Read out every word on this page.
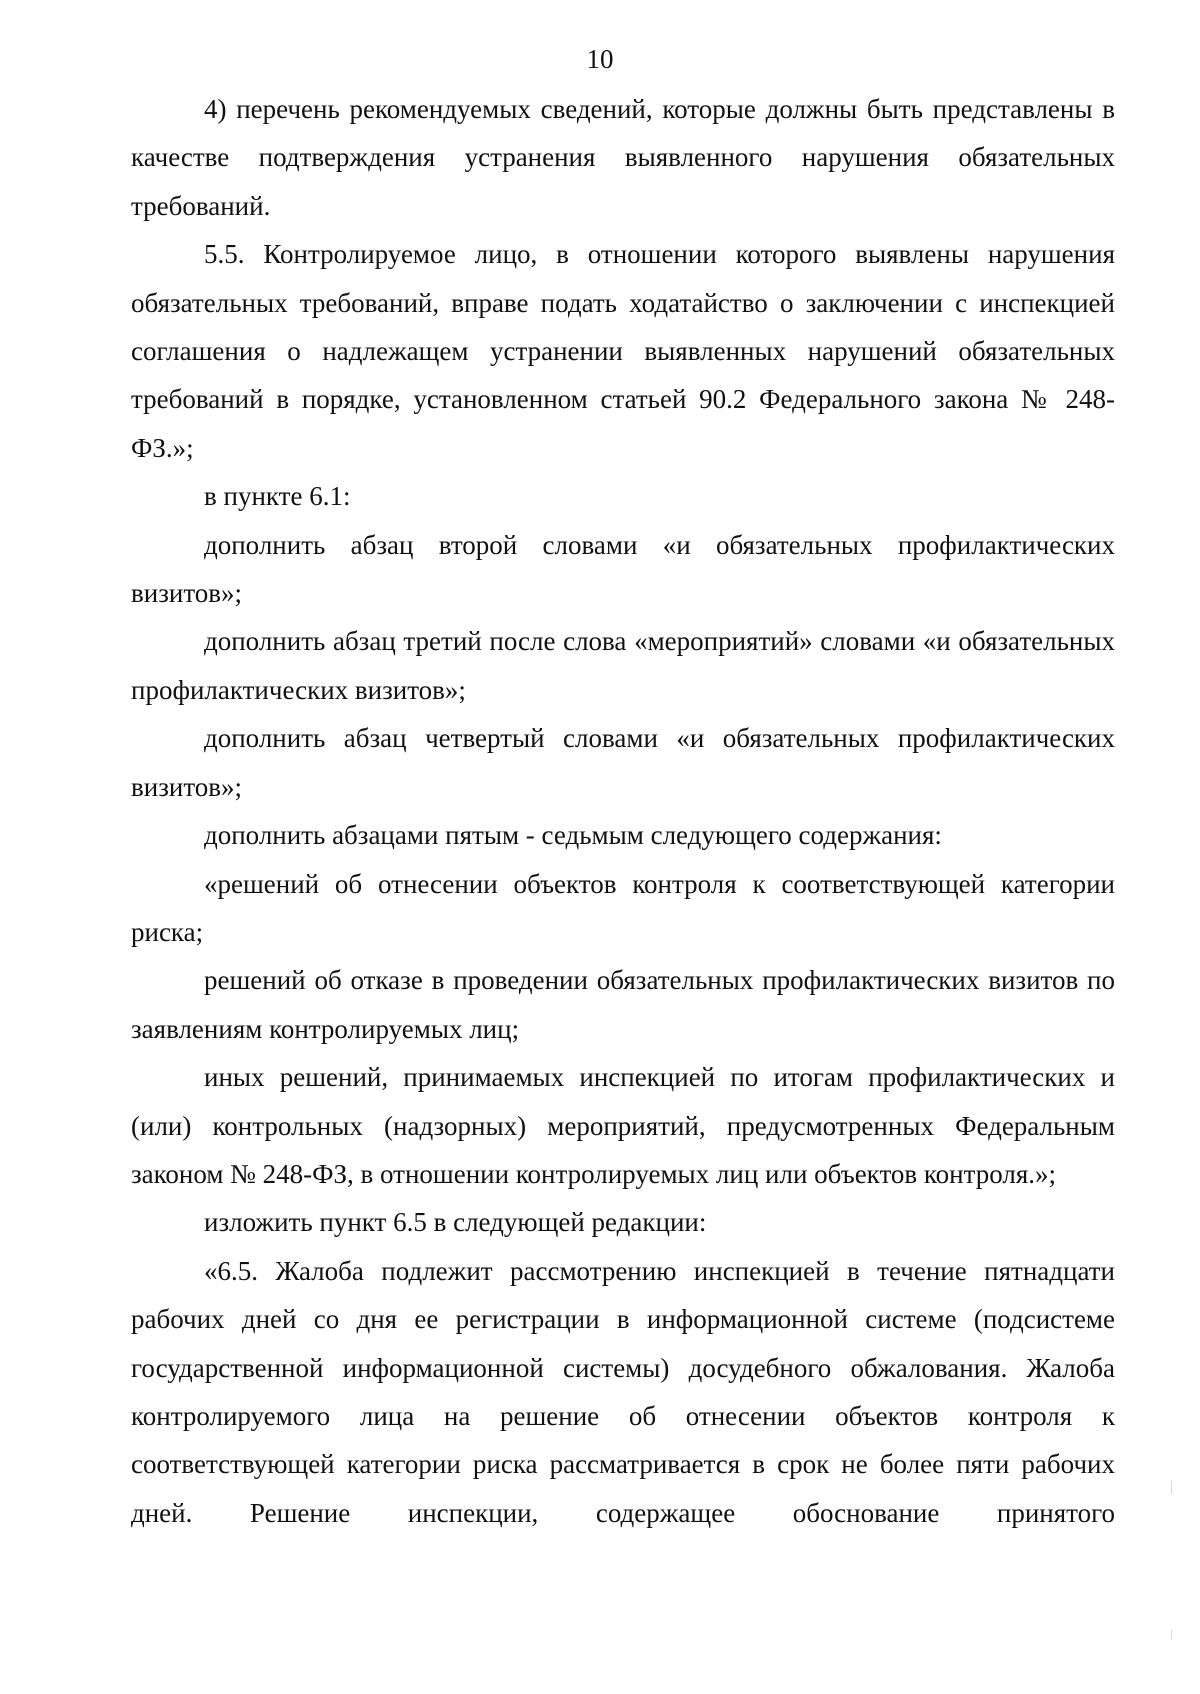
10

4) перечень рекомендуемых сведений, которые должны быть представлены в качестве подтверждения устранения выявленного нарушения обязательных требований.

5.5. Контролируемое лицо, в отношении которого выявлены нарушения обязательных требований, вправе подать ходатайство о заключении с инспекцией соглашения о надлежащем устранении выявленных нарушений обязательных требований в порядке, установленном статьей 90.2 Федерального закона № 248-ФЗ.»;

в пункте 6.1:

дополнить абзац второй словами «и обязательных профилактических визитов»;

дополнить абзац третий после слова «мероприятий» словами «и обязательных профилактических визитов»;

дополнить абзац четвертый словами «и обязательных профилактических визитов»;

дополнить абзацами пятым - седьмым следующего содержания:

«решений об отнесении объектов контроля к соответствующей категории риска;

решений об отказе в проведении обязательных профилактических визитов по заявлениям контролируемых лиц;

иных решений, принимаемых инспекцией по итогам профилактических и (или) контрольных (надзорных) мероприятий, предусмотренных Федеральным законом № 248-ФЗ, в отношении контролируемых лиц или объектов контроля.»;

изложить пункт 6.5 в следующей редакции:

«6.5. Жалоба подлежит рассмотрению инспекцией в течение пятнадцати рабочих дней со дня ее регистрации в информационной системе (подсистеме государственной информационной системы) досудебного обжалования. Жалоба контролируемого лица на решение об отнесении объектов контроля к соответствующей категории риска рассматривается в срок не более пяти рабочих дней. Решение инспекции, содержащее обоснование принятого
